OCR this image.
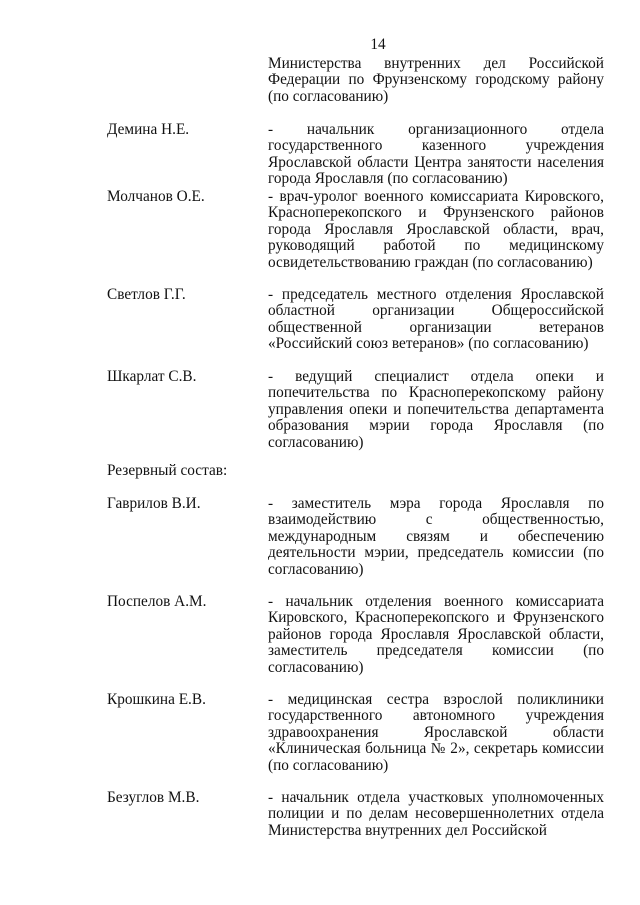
14
Министерства внутренних дел Российской Федерации по Фрунзенскому городскому району (по согласованию)
Демина Н.Е.	- начальник организационного отдела государственного казенного учреждения Ярославской области Центра занятости населения города Ярославля (по согласованию)
Молчанов О.Е.	- врач-уролог военного комиссариата Кировского, Красноперекопского и Фрунзенского районов города Ярославля Ярославской области, врач, руководящий работой по медицинскому освидетельствованию граждан (по согласованию)
Светлов Г.Г.	- председатель местного отделения Ярославской областной организации Общероссийской общественной организации ветеранов «Российский союз ветеранов» (по согласованию)
Шкарлат С.В.	- ведущий специалист отдела опеки и попечительства по Красноперекопскому району управления опеки и попечительства департамента образования мэрии города Ярославля (по согласованию)
Резервный состав:
Гаврилов В.И.	- заместитель мэра города Ярославля по взаимодействию с общественностью, международным связям и обеспечению деятельности мэрии, председатель комиссии (по согласованию)
Поспелов А.М.	- начальник отделения военного комиссариата Кировского, Красноперекопского и Фрунзенского районов города Ярославля Ярославской области, заместитель председателя комиссии (по согласованию)
Крошкина Е.В.	- медицинская сестра взрослой поликлиники государственного автономного учреждения здравоохранения Ярославской области «Клиническая больница № 2», секретарь комиссии (по согласованию)
Безуглов М.В.	- начальник отдела участковых уполномоченных полиции и по делам несовершеннолетних отдела Министерства внутренних дел Российской
